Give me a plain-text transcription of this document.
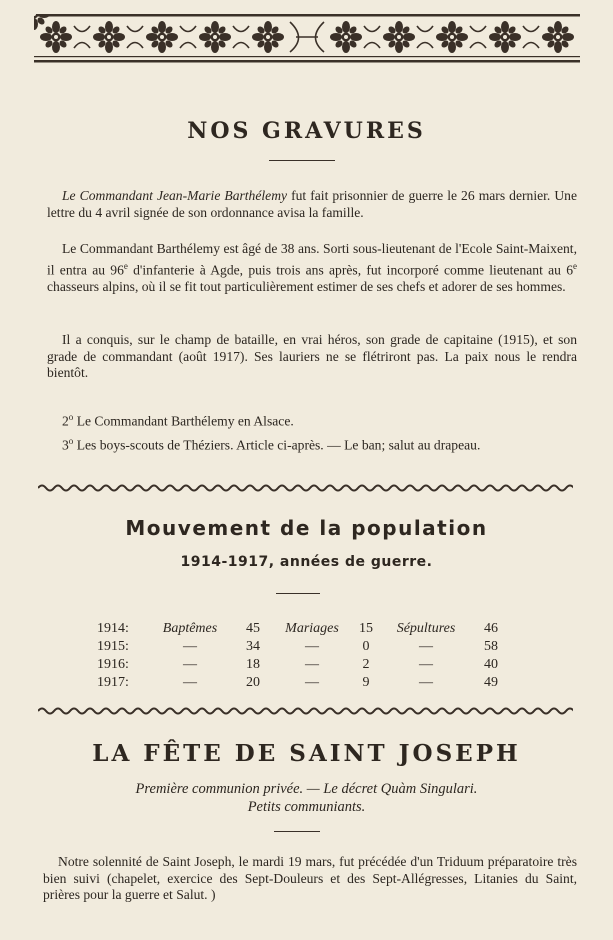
NOS GRAVURES
Le Commandant Jean-Marie Barthélemy fut fait prisonnier de guerre le 26 mars dernier. Une lettre du 4 avril signée de son ordonnance avisa la famille.
Le Commandant Barthélemy est âgé de 38 ans. Sorti sous-lieutenant de l'Ecole Saint-Maixent, il entra au 96e d'infanterie à Agde, puis trois ans après, fut incorporé comme lieutenant au 6e chasseurs alpins, où il se fit tout particulièrement estimer de ses chefs et adorer de ses hommes.
Il a conquis, sur le champ de bataille, en vrai héros, son grade de capitaine (1915), et son grade de commandant (août 1917). Ses lauriers ne se flétriront pas. La paix nous le rendra bientôt.
2$^o$ Le Commandant Barthélemy en Alsace.
3$^o$ Les boys-scouts de Théziers. Article ci-après. — Le ban; salut au drapeau.
Mouvement de la population
1914-1917, années de guerre.
1914:	Baptêmes	45	Mariages	15	Sépultures	46
1915:	—	34	—	0	—	58
1916:	—	18	—	2	—	40
1917:	—	20	—	9	—	49
LA FÊTE DE SAINT JOSEPH
Première communion privée. — Le décret Quàm Singulari.
Petits communiants.
Notre solennité de Saint Joseph, le mardi 19 mars, fut précédée d'un Triduum préparatoire très bien suivi (chapelet, exercice des Sept-Douleurs et des Sept-Allégresses, Litanies du Saint, prières pour la guerre et Salut. )
